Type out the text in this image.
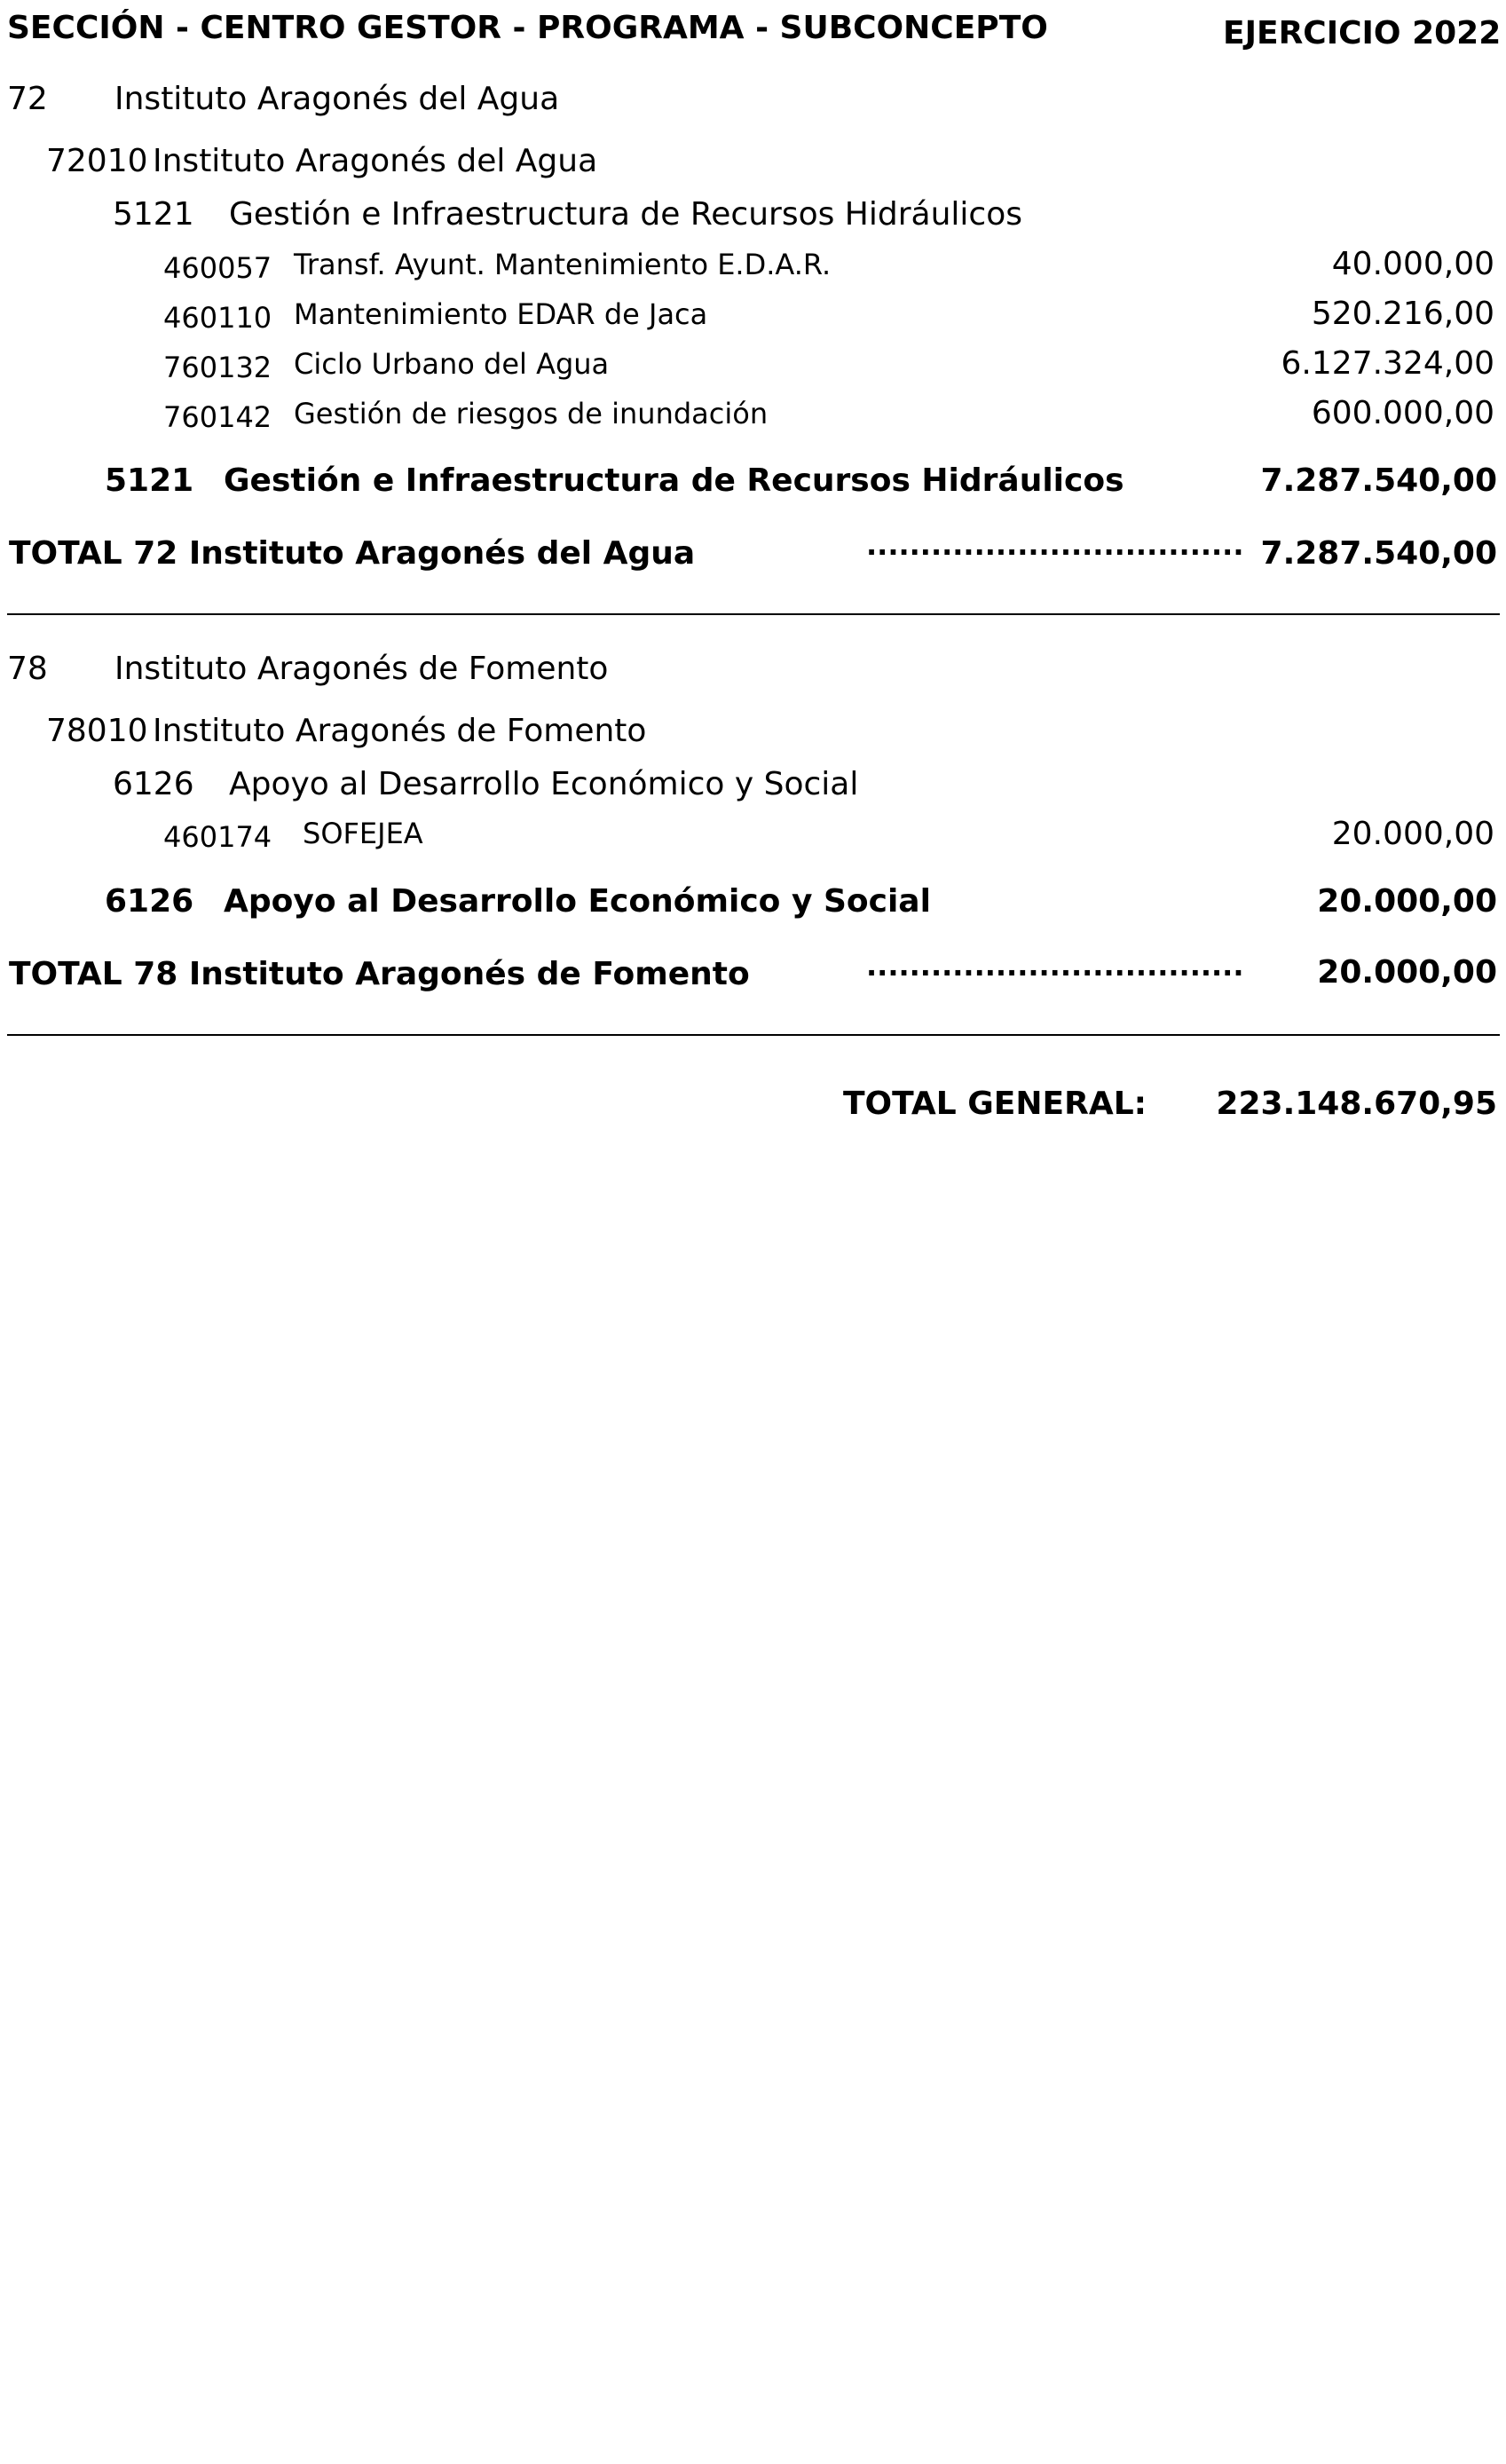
SECCIÓN - CENTRO GESTOR - PROGRAMA - SUBCONCEPTO	EJERCICIO 2022
72 Instituto Aragonés del Agua
72010 Instituto Aragonés del Agua
5121 Gestión e Infraestructura de Recursos Hidráulicos
460057 Transf. Ayunt. Mantenimiento E.D.A.R.	40.000,00
460110 Mantenimiento EDAR de Jaca	520.216,00
760132 Ciclo Urbano del Agua	6.127.324,00
760142 Gestión de riesgos de inundación	600.000,00
5121 Gestión e Infraestructura de Recursos Hidráulicos	7.287.540,00
TOTAL 72 Instituto Aragonés del Agua	................................... 7.287.540,00
78 Instituto Aragonés de Fomento
78010 Instituto Aragonés de Fomento
6126 Apoyo al Desarrollo Económico y Social
460174 SOFEJEA	20.000,00
6126 Apoyo al Desarrollo Económico y Social	20.000,00
TOTAL 78 Instituto Aragonés de Fomento	................................... 20.000,00
TOTAL GENERAL: 223.148.670,95
